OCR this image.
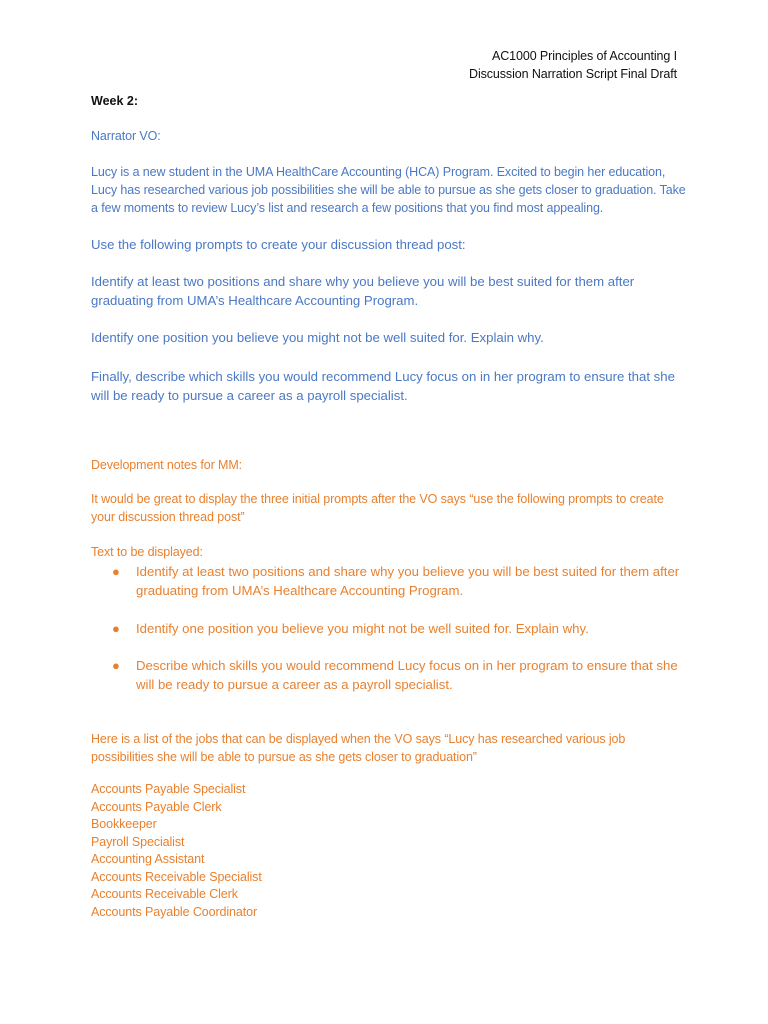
AC1000 Principles of Accounting I
Discussion Narration Script Final Draft
Week 2:
Narrator VO:
Lucy is a new student in the UMA HealthCare Accounting (HCA) Program. Excited to begin her education, Lucy has researched various job possibilities she will be able to pursue as she gets closer to graduation. Take a few moments to review Lucy’s list and research a few positions that you find most appealing.
Use the following prompts to create your discussion thread post:
Identify at least two positions and share why you believe you will be best suited for them after graduating from UMA’s Healthcare Accounting Program.
Identify one position you believe you might not be well suited for. Explain why.
Finally, describe which skills you would recommend Lucy focus on in her program to ensure that she will be ready to pursue a career as a payroll specialist.
Development notes for MM:
It would be great to display the three initial prompts after the VO says “use the following prompts to create your discussion thread post”
Text to be displayed:
● Identify at least two positions and share why you believe you will be best suited for them after graduating from UMA’s Healthcare Accounting Program.
● Identify one position you believe you might not be well suited for. Explain why.
● Describe which skills you would recommend Lucy focus on in her program to ensure that she will be ready to pursue a career as a payroll specialist.
Here is a list of the jobs that can be displayed when the VO says “Lucy has researched various job possibilities she will be able to pursue as she gets closer to graduation”
Accounts Payable Specialist
Accounts Payable Clerk
Bookkeeper
Payroll Specialist
Accounting Assistant
Accounts Receivable Specialist
Accounts Receivable Clerk
Accounts Payable Coordinator
